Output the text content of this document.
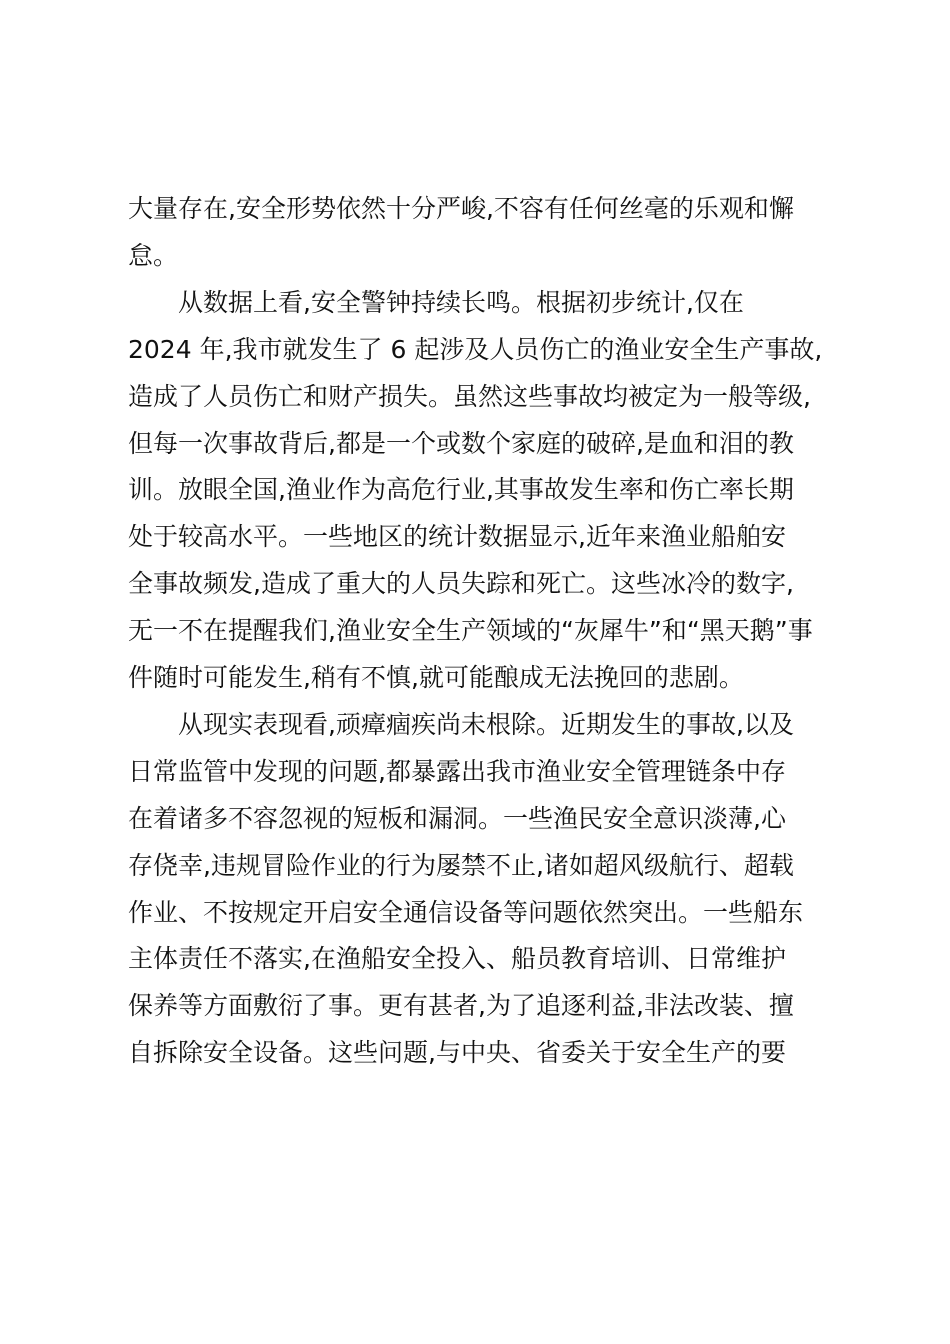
大量存在,安全形势依然十分严峻,不容有任何丝毫的乐观和懈
怠。
从数据上看,安全警钟持续长鸣。根据初步统计,仅在
2024 年,我市就发生了 6 起涉及人员伤亡的渔业安全生产事故,
造成了人员伤亡和财产损失。虽然这些事故均被定为一般等级,
但每一次事故背后,都是一个或数个家庭的破碎,是血和泪的教
训。放眼全国,渔业作为高危行业,其事故发生率和伤亡率长期
处于较高水平。一些地区的统计数据显示,近年来渔业船舶安
全事故频发,造成了重大的人员失踪和死亡。这些冰冷的数字,
无一不在提醒我们,渔业安全生产领域的“灰犀牛”和“黑天鹅”事
件随时可能发生,稍有不慎,就可能酿成无法挽回的悲剧。
从现实表现看,顽瘴痼疾尚未根除。近期发生的事故,以及
日常监管中发现的问题,都暴露出我市渔业安全管理链条中存
在着诸多不容忽视的短板和漏洞。一些渔民安全意识淡薄,心
存侥幸,违规冒险作业的行为屡禁不止,诸如超风级航行、超载
作业、不按规定开启安全通信设备等问题依然突出。一些船东
主体责任不落实,在渔船安全投入、船员教育培训、日常维护
保养等方面敷衍了事。更有甚者,为了追逐利益,非法改装、擅
自拆除安全设备。这些问题,与中央、省委关于安全生产的要
